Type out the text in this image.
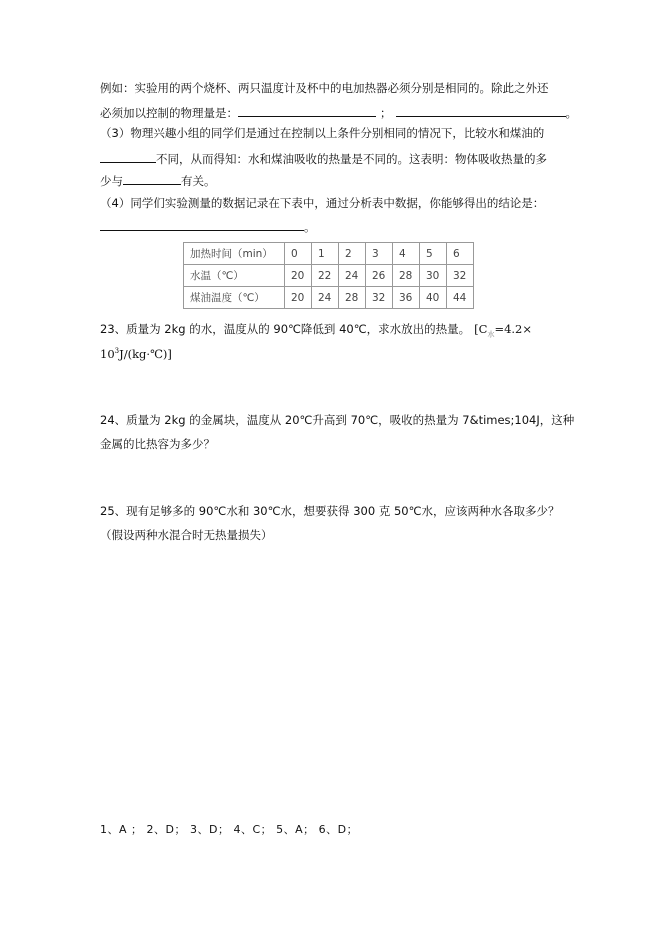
例如：实验用的两个烧杯、两只温度计及杯中的电加热器必须分别是相同的。除此之外还
必须加以控制的物理量是：	；	。
（3）物理兴趣小组的同学们是通过在控制以上条件分别相同的情况下，比较水和煤油的
不同，从而得知：水和煤油吸收的热量是不同的。这表明：物体吸收热量的多
少与	有关。
（4）同学们实验测量的数据记录在下表中，通过分析表中数据，你能够得出的结论是：
。
加热时间（min）	0	1	2	3	4	5	6
水温（℃）	20	22	24	26	28	30	32
煤油温度（℃）	20	24	28	32	36	40	44
23、质量为 2kg 的水，温度从的 90℃降低到 40℃，求水放出的热量。 [$C_水=4.2\times$
$10^3J/(kg\cdot℃)$]
24、质量为 2kg 的金属块，温度从 20℃升高到 70℃，吸收的热量为 7&times;104J，这种
金属的比热容为多少？
25、现有足够多的 90℃水和 30℃水，想要获得 300 克 50℃水，应该两种水各取多少？
（假设两种水混合时无热量损失）
1、A ； 2、D； 3、D； 4、C； 5、A； 6、D；
